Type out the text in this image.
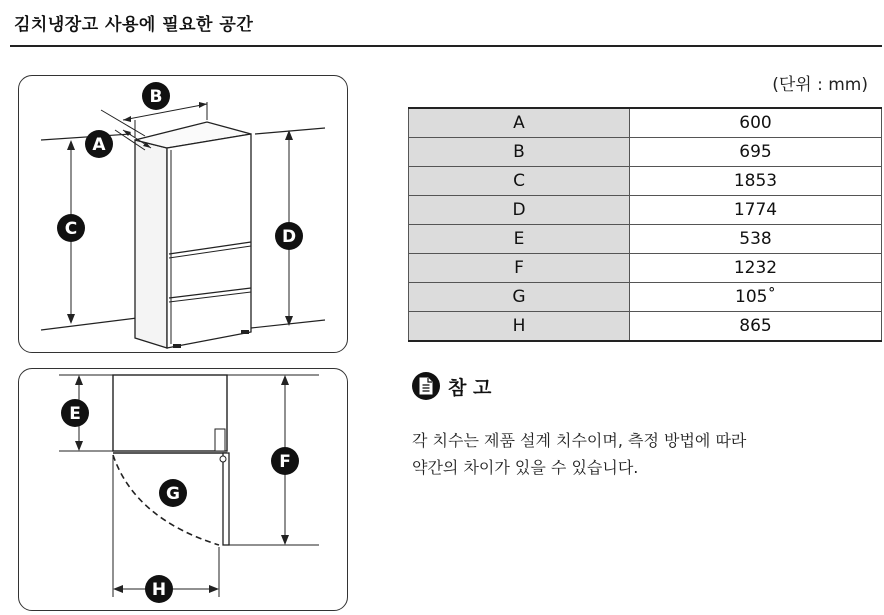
김치냉장고 사용에 필요한 공간
B
A
C	D
E
F
G
H
(단위 : mm)
A	600
B	695
C	1853
D	1774
E	538
F	1232
G	105˚
H	865
참 고
각 치수는 제품 설계 치수이며, 측정 방법에 따라
약간의 차이가 있을 수 있습니다.
